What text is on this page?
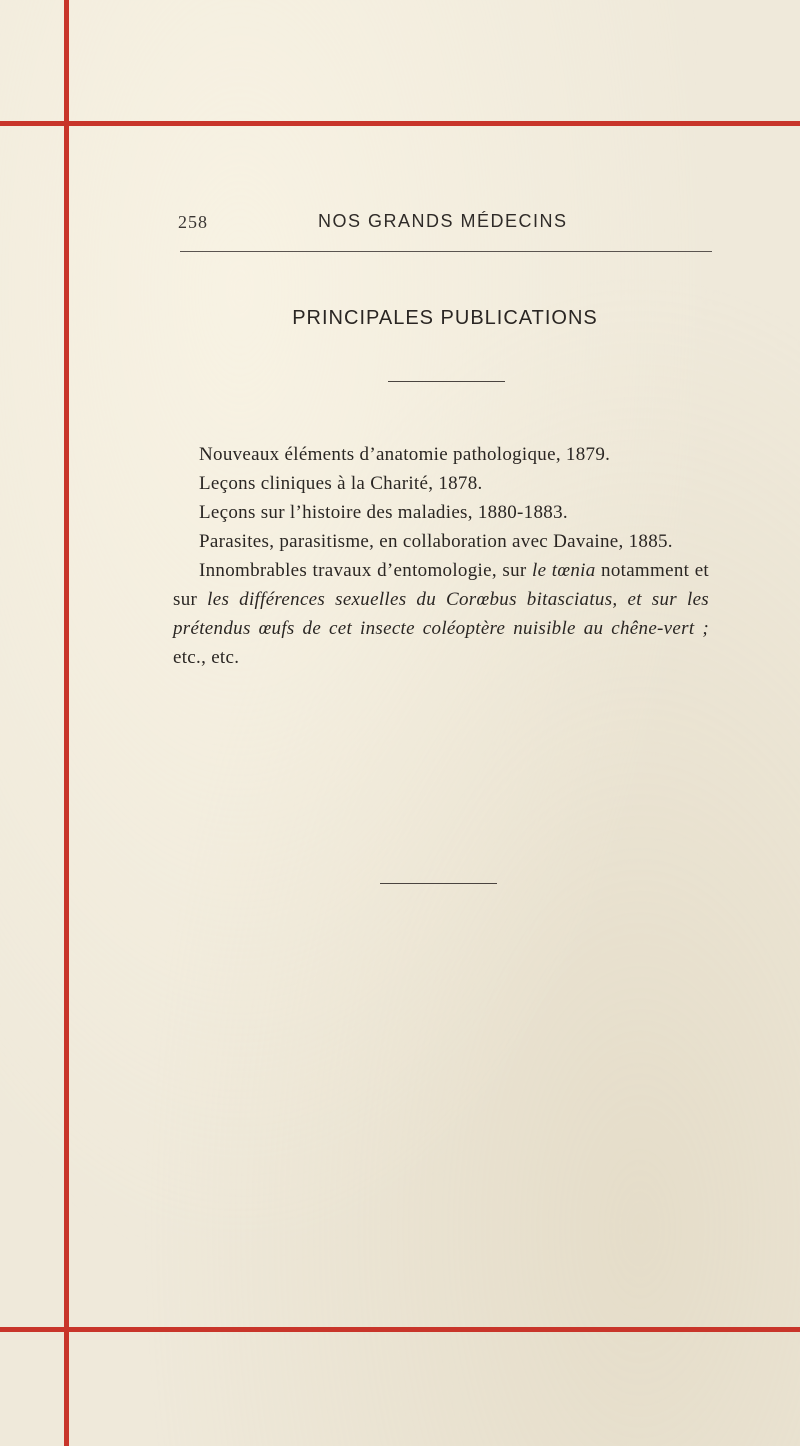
258	NOS GRANDS MÉDECINS
PRINCIPALES PUBLICATIONS
Nouveaux éléments d’anatomie pathologique, 1879.
Leçons cliniques à la Charité, 1878.
Leçons sur l’histoire des maladies, 1880-1883.
Parasites, parasitisme, en collaboration avec Davaine, 1885.
Innombrables travaux d’entomologie, sur le tœnia notamment et sur les différences sexuelles du Corœbus bitasciatus, et sur les prétendus œufs de cet insecte coléoptère nuisible au chêne-vert ; etc., etc.
